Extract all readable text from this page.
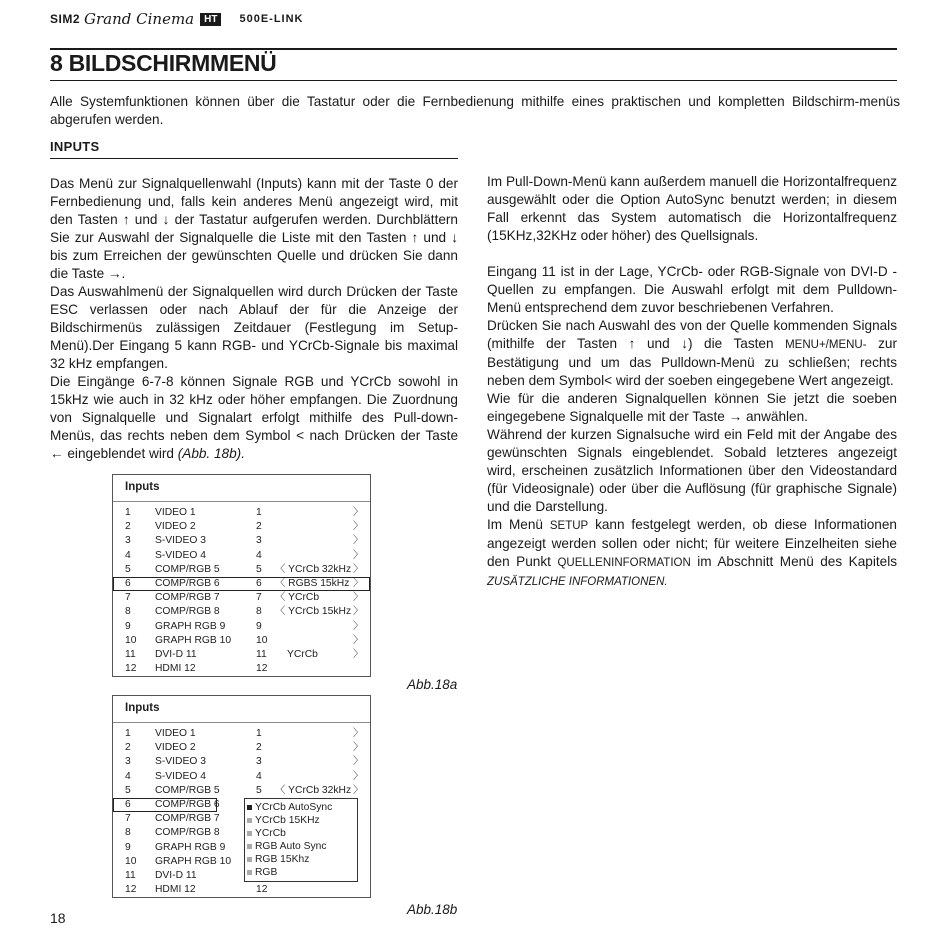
SIM2 Grand Cinema	HT	500E-LINK
8 BILDSCHIRMMENÜ
Alle Systemfunktionen können über die Tastatur oder die Fernbedienung mithilfe eines praktischen und kompletten Bildschirm-menüs abgerufen werden.
INPUTS

Das Menü zur Signalquellenwahl (Inputs) kann mit der Taste 0 der Fernbedienung und, falls kein anderes Menü angezeigt wird, mit den Tasten ↑ und ↓ der Tastatur aufgerufen werden. Durchblättern Sie zur Auswahl der Signalquelle die Liste mit den Tasten ↑ und ↓ bis zum Erreichen der gewünschten Quelle und drücken Sie dann die Taste →.

Das Auswahlmenü der Signalquellen wird durch Drücken der Taste ESC verlassen oder nach Ablauf der für die Anzeige der Bildschirmenüs zulässigen Zeitdauer (Festlegung im Setup-Menü).Der Eingang 5 kann RGB- und YCrCb-Signale bis maximal 32 kHz empfangen.

Die Eingänge 6-7-8 können Signale RGB und YCrCb sowohl in 15kHz wie auch in 32 kHz oder höher empfangen. Die Zuordnung von Signalquelle und Signalart erfolgt mithilfe des Pull-down-Menüs, das rechts neben dem Symbol < nach Drücken der Taste ← eingeblendet wird (Abb. 18b).

Im Pull-Down-Menü kann außerdem manuell die Horizontalfrequenz ausgewählt oder die Option AutoSync benutzt werden; in diesem Fall erkennt das System automatisch die Horizontalfrequenz (15KHz,32KHz oder höher) des Quellsignals.

Eingang 11 ist in der Lage, YCrCb- oder RGB-Signale von DVI-D - Quellen zu empfangen. Die Auswahl erfolgt mit dem Pulldown-Menü entsprechend dem zuvor beschriebenen Verfahren.

Drücken Sie nach Auswahl des von der Quelle kommenden Signals (mithilfe der Tasten ↑ und ↓) die Tasten MENU+/MENU- zur Bestätigung und um das Pulldown-Menü zu schließen; rechts neben dem Symbol< wird der soeben eingegebene Wert angezeigt.

Wie für die anderen Signalquellen können Sie jetzt die soeben eingegebene Signalquelle mit der Taste → anwählen.

Während der kurzen Signalsuche wird ein Feld mit der Angabe des gewünschten Signals eingeblendet. Sobald letzteres angezeigt wird, erscheinen zusätzlich Informationen über den Videostandard (für Videosignale) oder über die Auflösung (für graphische Signale) und die Darstellung.

Im Menü SETUP kann festgelegt werden, ob diese Informationen angezeigt werden sollen oder nicht; für weitere Einzelheiten siehe den Punkt QUELLENINFORMATION im Abschnitt Menü des Kapitels ZUSÄTZLICHE INFORMATIONEN.

Inputs
1 VIDEO 1	1	〉
2 VIDEO 2	2	〉
3 S-VIDEO 3	3	〉
4 S-VIDEO 4	4	〉
5 COMP/RGB 5	5 〈 YCrCb 32kHz 〉
6 COMP/RGB 6	6 〈 RGBS 15kHz 〉
7 COMP/RGB 7	7 〈 YCrCb	〉
8 COMP/RGB 8	8 〈 YCrCb 15kHz 〉
9 GRAPH RGB 9	9	〉
10 GRAPH RGB 10 10	〉
11 DVI-D 11	11 YCrCb	〉
12 HDMI 12	12
Abb.18a
Inputs
1 VIDEO 1	1	〉
2 VIDEO 2	2	〉
3 S-VIDEO 3	3	〉
4 S-VIDEO 4	4	〉
5 COMP/RGB 5	5 〈 YCrCb 32kHz 〉
6 COMP/RGB 6
7 COMP/RGB 7
8 COMP/RGB 8
9 GRAPH RGB 9
10 GRAPH RGB 10
11 DVI-D 11
12 HDMI 12	12
YCrCb AutoSync
YCrCb 15KHz
YCrCb
RGB Auto Sync
RGB 15Khz
RGB
Abb.18b
18
